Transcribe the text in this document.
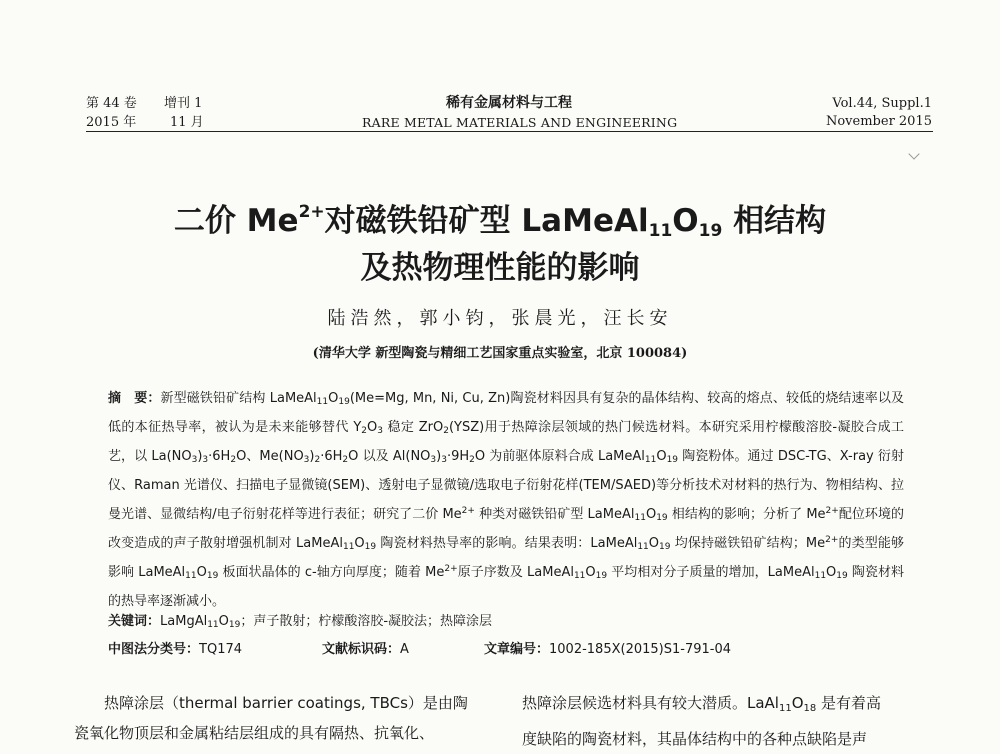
第 44 卷 增刊 1
2015 年	11 月
稀有金属材料与工程
RARE METAL MATERIALS AND ENGINEERING
Vol.44, Suppl.1
November 2015
二价 $Me^{2+}$对磁铁铅矿型 $LaMeAl_{11}O_{19}$ 相结构
及热物理性能的影响
陆浩然，郭小钧，张晨光，汪长安
(清华大学 新型陶瓷与精细工艺国家重点实验室，北京 100084)
摘　要：新型磁铁铅矿结构 $LaMeAl_{11}O_{19}(Me=Mg$, Mn, Ni, Cu, Zn)陶瓷材料因具有复杂的晶体结构、较高的熔点、较低的烧结速率以及低的本征热导率，被认为是未来能够替代 $Y_2O_3$ 稳定 ZrO$_2$(YSZ)用于热障涂层领域的热门候选材料。本研究采用柠檬酸溶胶-凝胶合成工艺，以 $La(NO_3)_3\cdot 6H_2O$、$Me(NO_3)_2\cdot 6H_2O$ 以及 $Al(NO_3)_3\cdot 9H_2O$ 为前驱体原料合成 $LaMeAl_{11}O_{19}$ 陶瓷粉体。通过 DSC-TG、X-ray 衍射仪、Raman 光谱仪、扫描电子显微镜(SEM)、透射电子显微镜/选取电子衍射花样(TEM/SAED)等分析技术对材料的热行为、物相结构、拉曼光谱、显微结构/电子衍射花样等进行表征；研究了二价 $Me^{2+}$ 种类对磁铁铅矿型 $LaMeAl_{11}O_{19}$ 相结构的影响；分析了 $Me^{2+}$配位环境的改变造成的声子散射增强机制对 $LaMeAl_{11}O_{19}$ 陶瓷材料热导率的影响。结果表明：$LaMeAl_{11}O_{19}$ 均保持磁铁铅矿结构；$Me^{2+}$的类型能够影响 $LaMeAl_{11}O_{19}$ 板面状晶体的 c-轴方向厚度；随着 $Me^{2+}$原子序数及 $LaMeAl_{11}O_{19}$ 平均相对分子质量的增加，$LaMeAl_{11}O_{19}$ 陶瓷材料的热导率逐渐减小。
关键词：$LaMgAl_{11}O_{19}$；声子散射；柠檬酸溶胶-凝胶法；热障涂层
中图法分类号：TQ174	文献标识码：A	文章编号：1002-185X(2015)S1-791-04
热障涂层（thermal barrier coatings, TBCs）是由陶
瓷氧化物顶层和金属粘结层组成的具有隔热、抗氧化、
热障涂层候选材料具有较大潜质。$LaAl_{11}O_{18}$ 是有着高
度缺陷的陶瓷材料，其晶体结构中的各种点缺陷是声
